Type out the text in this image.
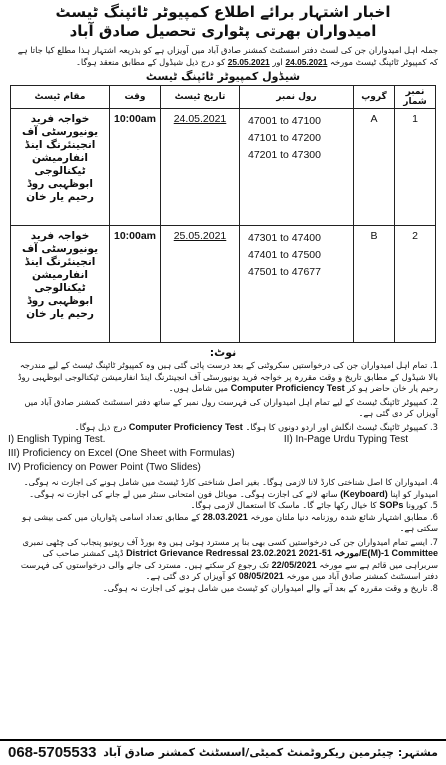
اخبار اشتہار برائے اطلاع کمپیوٹر ٹائپنگ ٹیسٹ
امیدواران بھرتی پٹواری تحصیل صادق آباد
جملہ اہل امیدواران جن کی لسٹ دفتر اسسٹنٹ کمشنر صادق آباد میں آویزاں ہے کو بذریعہ اشتہار ہذا مطلع کیا جاتا ہے کہ کمپیوٹر ٹائپنگ ٹیسٹ مورخہ 24.05.2021 اور 25.05.2021 کو درج ذیل شیڈول کے مطابق منعقد ہوگا۔
شیڈول کمپیوٹر ٹائپنگ ٹیسٹ
مقام ٹیسٹ	وقت	تاریخ ٹیسٹ	رول نمبر	گروپ	نمبر شمار
خواجہ فرید یونیورسٹی آف انجینئرنگ اینڈ انفارمیشن ٹیکنالوجی ابوظہبی روڈ رحیم یار خان	10:00am	24.05.2021	47001 to 47100
47101 to 47200
47201 to 47300	A	1
خواجہ فرید یونیورسٹی آف انجینئرنگ اینڈ انفارمیشن ٹیکنالوجی ابوظہبی روڈ رحیم یار خان	10:00am	25.05.2021	47301 to 47400
47401 to 47500
47501 to 47677	B	2
نوٹ:
1. تمام اہل امیدواران جن کی درخواستیں سکروٹنی کے بعد درست پائی گئی ہیں وہ کمپیوٹر ٹائپنگ ٹیسٹ کے لیے مندرجہ بالا شیڈول کے مطابق تاریخ و وقت مقررہ پر خواجہ فرید یونیورسٹی آف انجینئرنگ اینڈ انفارمیشن ٹیکنالوجی ابوظہبی روڈ رحیم یار خان حاضر ہو کر Computer Proficiency Test میں شامل ہوں۔
2. کمپیوٹر ٹائپنگ ٹیسٹ کے لیے تمام اہل امیدواران کی فہرست رول نمبر کے ساتھ دفتر اسسٹنٹ کمشنر صادق آباد میں آویزاں کر دی گئی ہے۔
3. کمپیوٹر ٹائپنگ ٹیسٹ انگلش اور اردو دونوں کا ہوگا۔ Computer Proficiency Test درج ذیل ہوگا۔
I) English Typing Test.	II) In-Page Urdu Typing Test
III) Proficiency on Excel (One Sheet with Formulas)
IV) Proficiency on Power Point (Two Slides)
4. امیدواران کا اصل شناختی کارڈ لانا لازمی ہوگا۔ بغیر اصل شناختی کارڈ ٹیسٹ میں شامل ہونے کی اجازت نہ ہوگی۔ امیدوار کو اپنا (Keyboard) ساتھ لانے کی اجازت ہوگی۔ موبائل فون امتحانی سنٹر میں لے جانے کی اجازت نہ ہوگی۔
5. کورونا SOPs کا خیال رکھا جائے گا۔ ماسک کا استعمال لازمی ہوگا۔
6. مطابق اشتہار شائع شدہ روزنامہ دنیا ملتان مورخہ 28.03.2021 کے مطابق تعداد اسامی پٹواریان میں کمی بیشی ہو سکتی ہے۔
7. ایسے تمام امیدواران جن کی درخواستیں کسی بھی بنا پر مسترد ہوئی ہیں وہ بورڈ آف ریونیو پنجاب کی چٹھی نمبری District Grievance Redressal 23.02.2021 مورخہ 51-2021/E(M)-1 Committee ڈپٹی کمشنر صاحب کی سربراہی میں قائم ہے سے مورخہ 22/05/2021 تک رجوع کر سکتے ہیں۔ مسترد کی جانے والی درخواستوں کی فہرست دفتر اسسٹنٹ کمشنر صادق آباد میں مورخہ 08/05/2021 کو آویزاں کر دی گئی ہے۔
8. تاریخ و وقت مقررہ کے بعد آنے والے امیدواران کو ٹیسٹ میں شامل ہونے کی اجازت نہ ہوگی۔
068-5705533 مشتہر: چیئرمین ریکروٹمنٹ کمیٹی/اسسٹنٹ کمشنر صادق آباد
